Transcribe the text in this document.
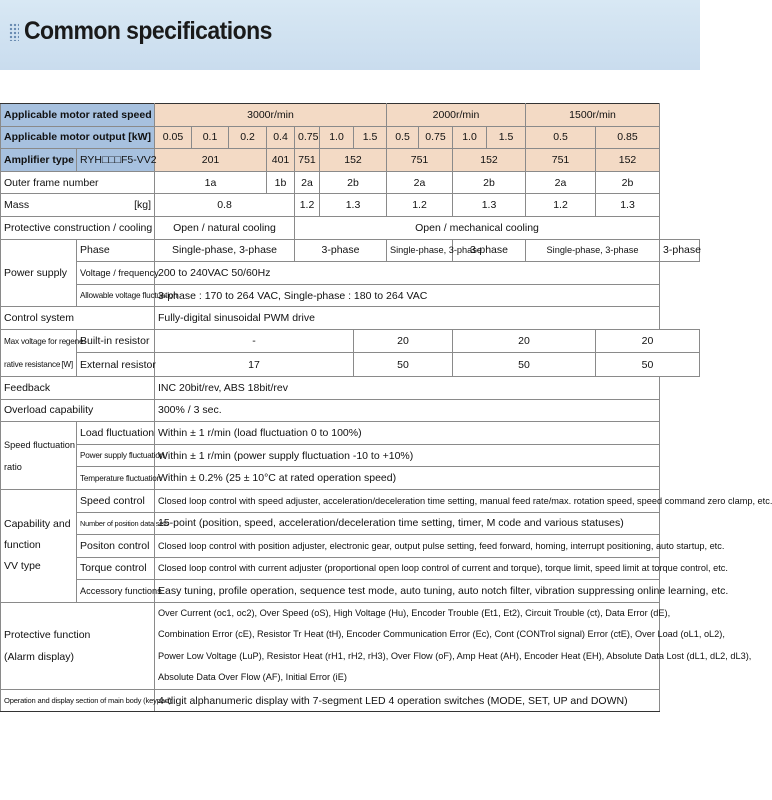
Common specifications
Applicable motor rated speed		3000r/min							2000r/min				1500r/min		
Applicable motor output [kW]		0.05	0.1	0.2	0.4	0.75	1.0	1.5	0.5	0.75	1.0	1.5	0.5	0.85	
Amplifier type	RYH□□□F5-VV2	201			401	751	152		751		152		751	152	
Outer frame number		1a			1b	2a	2b		2a		2b		2a	2b	
Mass [kg]		0.8				1.2	1.3		1.2		1.3		1.2	1.3	
Protective construction / cooling		Open / natural cooling				Open / mechanical cooling									
Power supply	Phase	Single-phase, 3-phase				3-phase			Single-phase, 3-phase		3-phase		Single-phase, 3-phase		3-phase
	Voltage / frequency	200 to 240VAC 50/60Hz													
	Allowable voltage fluctuation	3-phase : 170 to 264 VAC, Single-phase : 180 to 264 VAC													
Control system		Fully-digital sinusoidal PWM drive													
Max voltage for regene-
rative resistance [W]	Built-in resistor	-						20			20			20	
	External resistor	17						50			50			50	
Feedback		INC 20bit/rev, ABS 18bit/rev													
Overload capability		300% / 3 sec.													
Speed fluctuation
ratio	Load fluctuation	Within ± 1 r/min (load fluctuation 0 to 100%)													
	Power supply fluctuation	Within ± 1 r/min (power supply fluctuation -10 to +10%)													
	Temperature fluctuation	Within ± 0.2% (25 ± 10°C at rated operation speed)													
Capability and
function
VV type	Speed control	Closed loop control with speed adjuster, acceleration/deceleration time setting, manual feed rate/max. rotation speed, speed command zero clamp, etc.													
	Number of position data sets	15-point (position, speed, acceleration/deceleration time setting, timer, M code and various statuses)													
	Positon control	Closed loop control with position adjuster, electronic gear, output pulse setting, feed forward, homing, interrupt positioning, auto startup, etc.													
	Torque control	Closed loop control with current adjuster (proportional open loop control of current and torque), torque limit, speed limit at torque control, etc.													
	Accessory functions	Easy tuning, profile operation, sequence test mode, auto tuning, auto notch filter, vibration suppressing online learning, etc.													
Protective function
(Alarm display)		Over Current (oc1, oc2), Over Speed (oS), High Voltage (Hu), Encoder Trouble (Et1, Et2), Circuit Trouble (ct), Data Error (dE),
Combination Error (cE), Resistor Tr Heat (tH), Encoder Communication Error (Ec), Cont (CONTrol signal) Error (ctE), Over Load (oL1, oL2),
Power Low Voltage (LuP), Resistor Heat (rH1, rH2, rH3), Over Flow (oF), Amp Heat (AH), Encoder Heat (EH), Absolute Data Lost (dL1, dL2, dL3),
Absolute Data Over Flow (AF), Initial Error (iE)													
Operation and display section of main body (keypad)		4-digit alphanumeric display with 7-segment LED 4 operation switches (MODE, SET, UP and DOWN)													
